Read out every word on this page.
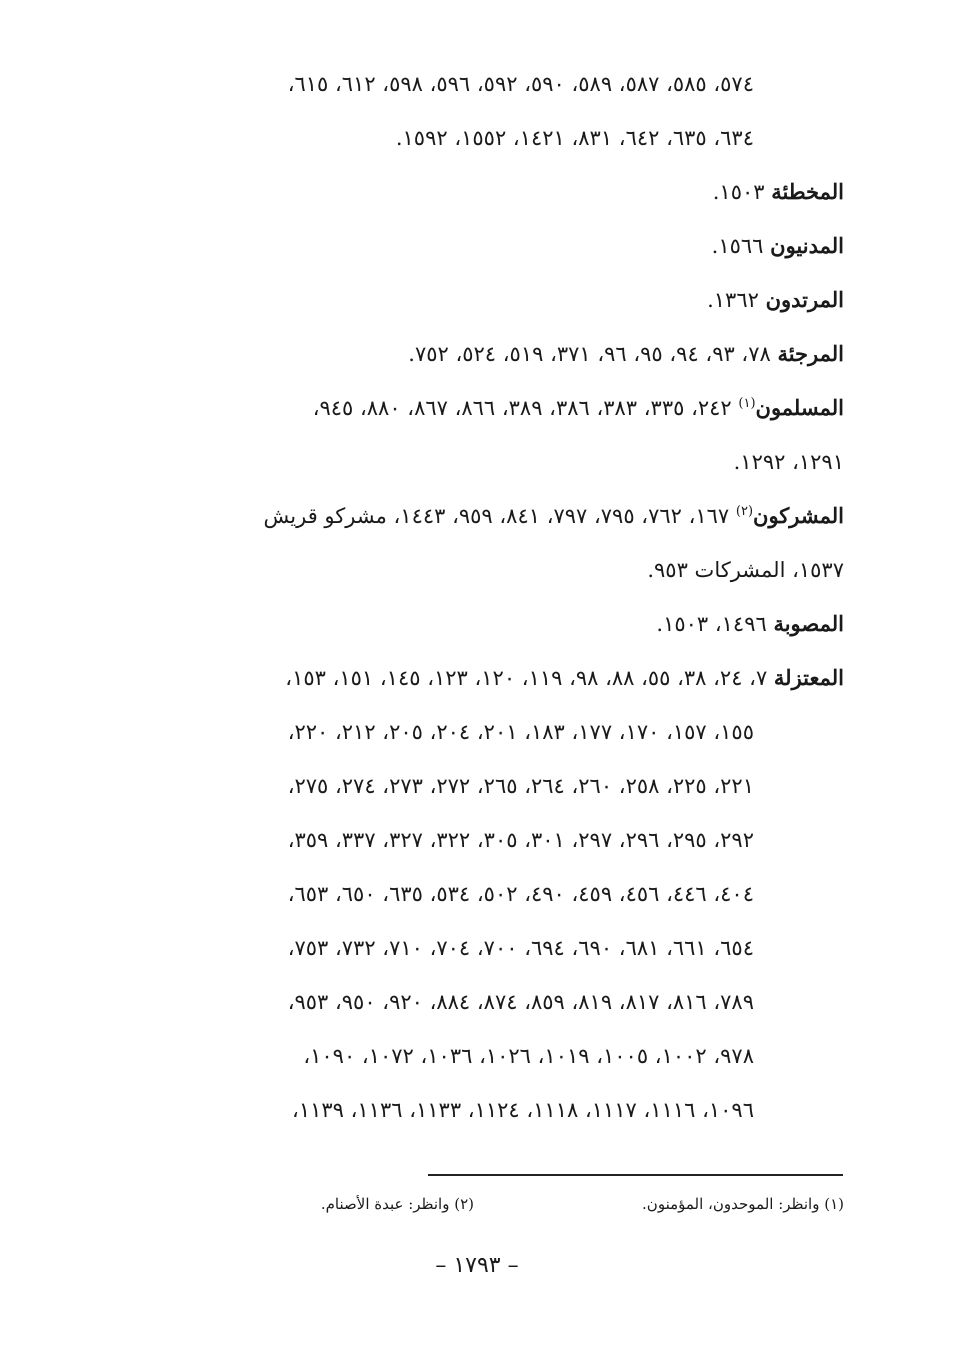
٥٧٤، ٥٨٥، ٥٨٧، ٥٨٩، ٥٩٠، ٥٩٢، ٥٩٦، ٥٩٨، ٦١٢، ٦١٥،
٦٣٤، ٦٣٥، ٦٤٢، ٨٣١، ١٤٢١، ١٥٥٢، ١٥٩٢.
المخطئة ١٥٠٣.
المدنيون ١٥٦٦.
المرتدون ١٣٦٢.
المرجئة ٧٨، ٩٣، ٩٤، ٩٥، ٩٦، ٣٧١، ٥١٩، ٥٢٤، ٧٥٢.
المسلمون$^{(١)}$ ٢٤٢، ٣٣٥، ٣٨٣، ٣٨٦، ٣٨٩، ٨٦٦، ٨٦٧، ٨٨٠، ٩٤٥،
١٢٩١، ١٢٩٢.
المشركون$^{(٢)}$ ١٦٧، ٧٦٢، ٧٩٥، ٧٩٧، ٨٤١، ٩٥٩، ١٤٤٣، مشركو قريش
١٥٣٧، المشركات ٩٥٣.
المصوبة ١٤٩٦، ١٥٠٣.
المعتزلة ٧، ٢٤، ٣٨، ٥٥، ٨٨، ٩٨، ١١٩، ١٢٠، ١٢٣، ١٤٥، ١٥١، ١٥٣،
١٥٥، ١٥٧، ١٧٠، ١٧٧، ١٨٣، ٢٠١، ٢٠٤، ٢٠٥، ٢١٢، ٢٢٠،
٢٢١، ٢٢٥، ٢٥٨، ٢٦٠، ٢٦٤، ٢٦٥، ٢٧٢، ٢٧٣، ٢٧٤، ٢٧٥،
٢٩٢، ٢٩٥، ٢٩٦، ٢٩٧، ٣٠١، ٣٠٥، ٣٢٢، ٣٢٧، ٣٣٧، ٣٥٩،
٤٠٤، ٤٤٦، ٤٥٦، ٤٥٩، ٤٩٠، ٥٠٢، ٥٣٤، ٦٣٥، ٦٥٠، ٦٥٣،
٦٥٤، ٦٦١، ٦٨١، ٦٩٠، ٦٩٤، ٧٠٠، ٧٠٤، ٧١٠، ٧٣٢، ٧٥٣،
٧٨٩، ٨١٦، ٨١٧، ٨١٩، ٨٥٩، ٨٧٤، ٨٨٤، ٩٢٠، ٩٥٠، ٩٥٣،
٩٧٨، ١٠٠٢، ١٠٠٥، ١٠١٩، ١٠٢٦، ١٠٣٦، ١٠٧٢، ١٠٩٠،
١٠٩٦، ١١١٦، ١١١٧، ١١١٨، ١١٢٤، ١١٣٣، ١١٣٦، ١١٣٩،
(١) وانظر: الموحدون، المؤمنون.
(٢) وانظر: عبدة الأصنام.
– ١٧٩٣ –
